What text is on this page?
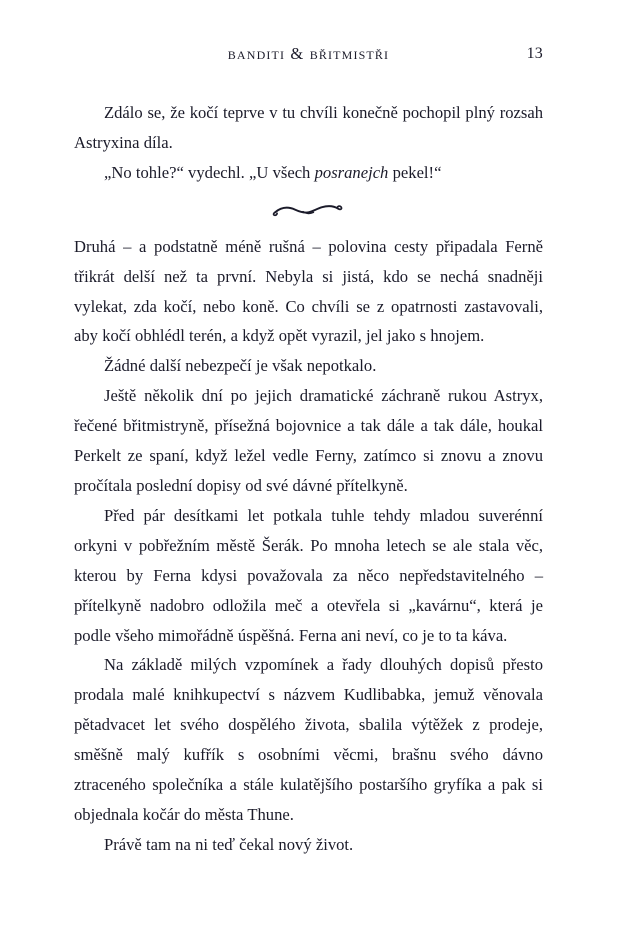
banditi & břitmistři	13

Zdálo se, že kočí teprve v tu chvíli konečně pochopil plný rozsah Astryxina díla.

„No tohle?“ vydechl. „U všech posranejch pekel!“

Druhá – a podstatně méně rušná – polovina cesty připadala Ferně třikrát delší než ta první. Nebyla si jistá, kdo se nechá snadněji vylekat, zda kočí, nebo koně. Co chvíli se z opatrnosti zastavovali, aby kočí obhlédl terén, a když opět vyrazil, jel jako s hnojem.

Žádné další nebezpečí je však nepotkalo.

Ještě několik dní po jejich dramatické záchraně rukou Astryx, řečené břitmistryně, přísežná bojovnice a tak dále a tak dále, houkal Perkelt ze spaní, když ležel vedle Ferny, zatímco si znovu a znovu pročítala poslední dopisy od své dávné přítelkyně.

Před pár desítkami let potkala tuhle tehdy mladou suverénní orkyni v pobřežním městě Šerák. Po mnoha letech se ale stala věc, kterou by Ferna kdysi považovala za něco nepředstavitelného – přítelkyně nadobro odložila meč a otevřela si „kavárnu“, která je podle všeho mimořádně úspěšná. Ferna ani neví, co je to ta káva.

Na základě milých vzpomínek a řady dlouhých dopisů přesto prodala malé knihkupectví s názvem Kudlibabka, jemuž věnovala pětadvacet let svého dospělého života, sbalila výtěžek z prodeje, směšně malý kufřík s osobními věcmi, brašnu svého dávno ztraceného společníka a stále kulatějšího postaršího gryfíka a pak si objednala kočár do města Thune.

Právě tam na ni teď čekal nový život.
